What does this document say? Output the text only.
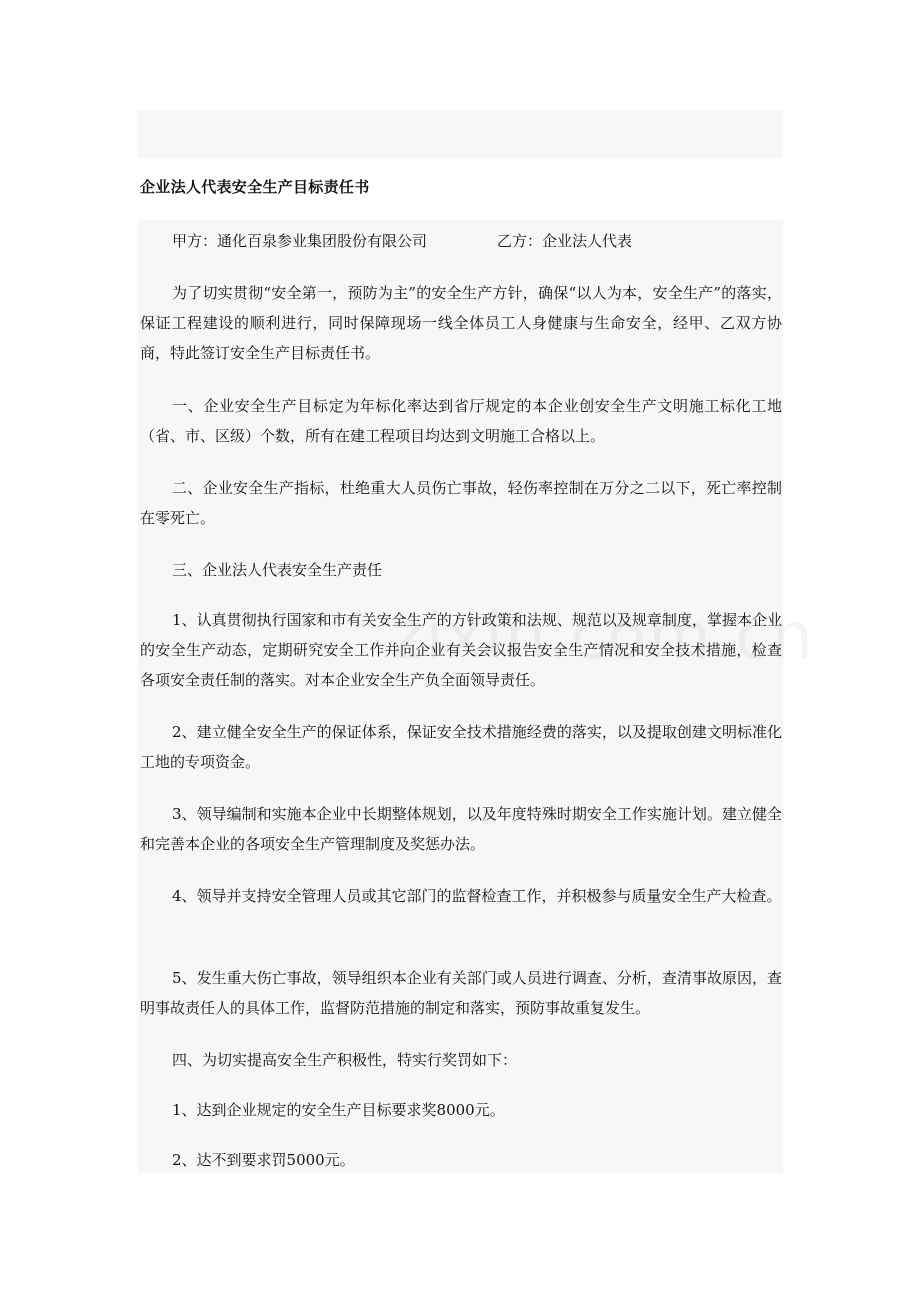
企业法人代表安全生产目标责任书
甲方：通化百泉参业集团股份有限公司	乙方：企业法人代表
为了切实贯彻“安全第一，预防为主”的安全生产方针，确保“以人为本，安全生产”的落实，保证工程建设的顺利进行，同时保障现场一线全体员工人身健康与生命安全，经甲、乙双方协商，特此签订安全生产目标责任书。
一、企业安全生产目标定为年标化率达到省厅规定的本企业创安全生产文明施工标化工地（省、市、区级）个数，所有在建工程项目均达到文明施工合格以上。
二、企业安全生产指标，杜绝重大人员伤亡事故，轻伤率控制在万分之二以下，死亡率控制在零死亡。
三、企业法人代表安全生产责任
1、认真贯彻执行国家和市有关安全生产的方针政策和法规、规范以及规章制度，掌握本企业的安全生产动态，定期研究安全工作并向企业有关会议报告安全生产情况和安全技术措施，检查各项安全责任制的落实。对本企业安全生产负全面领导责任。
2、建立健全安全生产的保证体系，保证安全技术措施经费的落实，以及提取创建文明标准化工地的专项资金。
3、领导编制和实施本企业中长期整体规划，以及年度特殊时期安全工作实施计划。建立健全和完善本企业的各项安全生产管理制度及奖惩办法。
4、领导并支持安全管理人员或其它部门的监督检查工作，并积极参与质量安全生产大检查。
5、发生重大伤亡事故，领导组织本企业有关部门或人员进行调查、分析，查清事故原因，查明事故责任人的具体工作，监督防范措施的制定和落实，预防事故重复发生。
四、为切实提高安全生产积极性，特实行奖罚如下：
1、达到企业规定的安全生产目标要求奖8000元。
2、达不到要求罚5000元。
